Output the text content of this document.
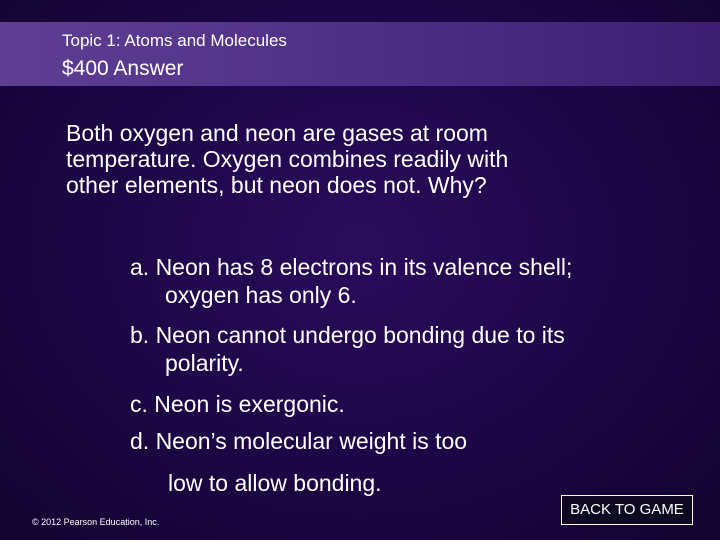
Topic 1: Atoms and Molecules
$400 Answer
Both oxygen and neon are gases at room
temperature. Oxygen combines readily with
other elements, but neon does not. Why?
a. Neon has 8 electrons in its valence shell;
oxygen has only 6.
b. Neon cannot undergo bonding due to its
polarity.
c. Neon is exergonic.
d. Neon’s molecular weight is too
low to allow bonding.
© 2012 Pearson Education, Inc.
BACK TO GAME
